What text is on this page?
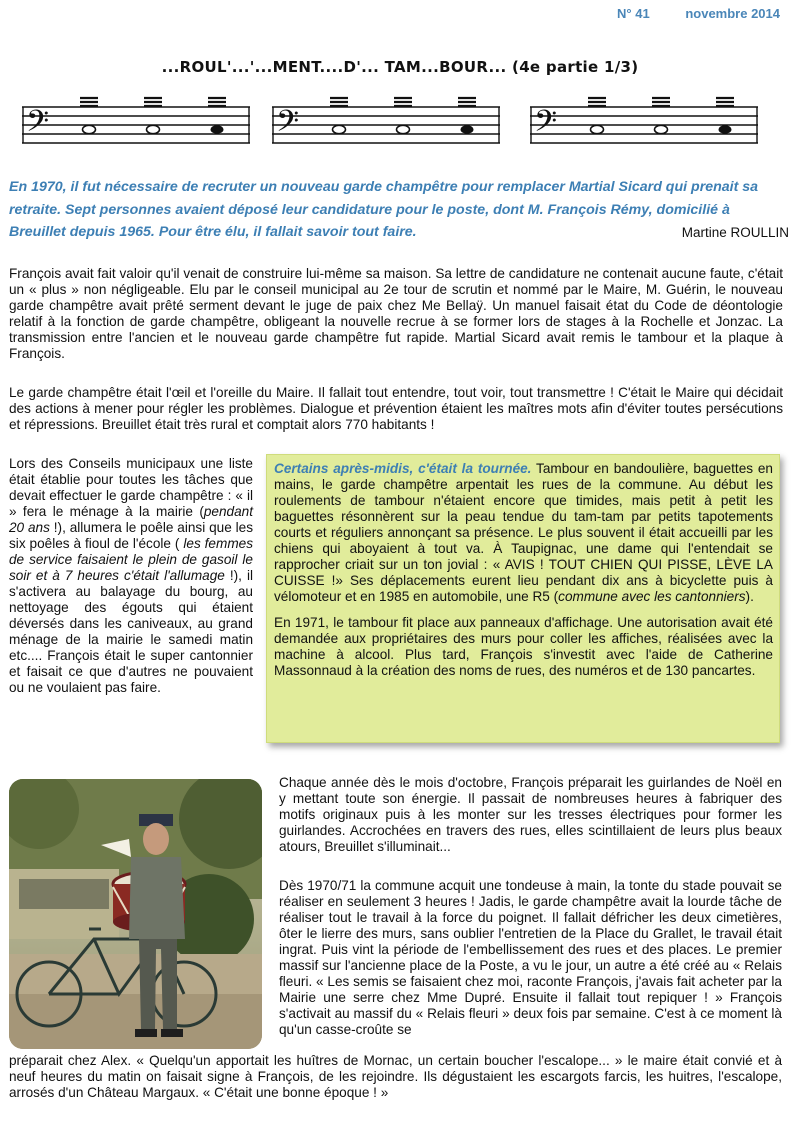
N° 41	novembre 2014
...ROUL'...'...MENT....D'... TAM...BOUR... (4e partie 1/3)
𝄢	𝄢	𝄢
En 1970, il fut nécessaire de recruter un nouveau garde champêtre pour remplacer Martial Sicard qui prenait sa retraite. Sept personnes avaient déposé leur candidature pour le poste, dont M. François Rémy, domicilié à Breuillet depuis 1965. Pour être élu, il fallait savoir tout faire.	Martine ROULLIN

François avait fait valoir qu'il venait de construire lui-même sa maison. Sa lettre de candidature ne contenait aucune faute, c'était un « plus » non négligeable. Elu par le conseil municipal au 2e tour de scrutin et nommé par le Maire, M. Guérin, le nouveau garde champêtre avait prêté serment devant le juge de paix chez Me Bellaÿ. Un manuel faisait état du Code de déontologie relatif à la fonction de garde champêtre, obligeant la nouvelle recrue à se former lors de stages à la Rochelle et Jonzac. La transmission entre l'ancien et le nouveau garde champêtre fut rapide. Martial Sicard avait remis le tambour et la plaque à François.

Le garde champêtre était l'œil et l'oreille du Maire. Il fallait tout entendre, tout voir, tout transmettre ! C'était le Maire qui décidait des actions à mener pour régler les problèmes. Dialogue et prévention étaient les maîtres mots afin d'éviter toutes persécutions et répressions. Breuillet était très rural et comptait alors 770 habitants !

Lors des Conseils municipaux une liste était établie pour toutes les tâches que devait effectuer le garde champêtre : « il » fera le ménage à la mairie (pendant 20 ans !), allumera le poêle ainsi que les six poêles à fioul de l'école ( les femmes de service faisaient le plein de gasoil le soir et à 7 heures c'était l'allumage !), il s'activera au balayage du bourg, au nettoyage des égouts qui étaient déversés dans les caniveaux, au grand ménage de la mairie le samedi matin etc.... François était le super cantonnier et faisait ce que d'autres ne pouvaient ou ne voulaient pas faire.

Certains après-midis, c'était la tournée. Tambour en bandoulière, baguettes en mains, le garde champêtre arpentait les rues de la commune. Au début les roulements de tambour n'étaient encore que timides, mais petit à petit les baguettes résonnèrent sur la peau tendue du tam-tam par petits tapotements courts et réguliers annonçant sa présence. Le plus souvent il était accueilli par les chiens qui aboyaient à tout va. À Taupignac, une dame qui l'entendait se rapprocher criait sur un ton jovial : « AVIS ! TOUT CHIEN QUI PISSE, LÈVE LA CUISSE !» Ses déplacements eurent lieu pendant dix ans à bicyclette puis à vélomoteur et en 1985 en automobile, une R5 (commune avec les cantonniers).

En 1971, le tambour fit place aux panneaux d'affichage. Une autorisation avait été demandée aux propriétaires des murs pour coller les affiches, réalisées avec la machine à alcool. Plus tard, François s'investit avec l'aide de Catherine Massonnaud à la création des noms de rues, des numéros et de 130 pancartes.

Chaque année dès le mois d'octobre, François préparait les guirlandes de Noël en y mettant toute son énergie. Il passait de nombreuses heures à fabriquer des motifs originaux puis à les monter sur les tresses électriques pour former les guirlandes. Accrochées en travers des rues, elles scintillaient de leurs plus beaux atours, Breuillet s'illuminait...

Dès 1970/71 la commune acquit une tondeuse à main, la tonte du stade pouvait se réaliser en seulement 3 heures ! Jadis, le garde champêtre avait la lourde tâche de réaliser tout le travail à la force du poignet. Il fallait défricher les deux cimetières, ôter le lierre des murs, sans oublier l'entretien de la Place du Grallet, le travail était ingrat. Puis vint la période de l'embellissement des rues et des places. Le premier massif sur l'ancienne place de la Poste, a vu le jour, un autre a été créé au « Relais fleuri. « Les semis se faisaient chez moi, raconte François, j'avais fait acheter par la Mairie une serre chez Mme Dupré. Ensuite il fallait tout repiquer ! » François s'activait au massif du « Relais fleuri » deux fois par semaine. C'est à ce moment là qu'un casse-croûte se

préparait chez Alex. « Quelqu'un apportait les huîtres de Mornac, un certain boucher l'escalope... » le maire était convié et à neuf heures du matin on faisait signe à François, de les rejoindre. Ils dégustaient les escargots farcis, les huitres, l'escalope, arrosés d'un Château Margaux. « C'était une bonne époque ! »
